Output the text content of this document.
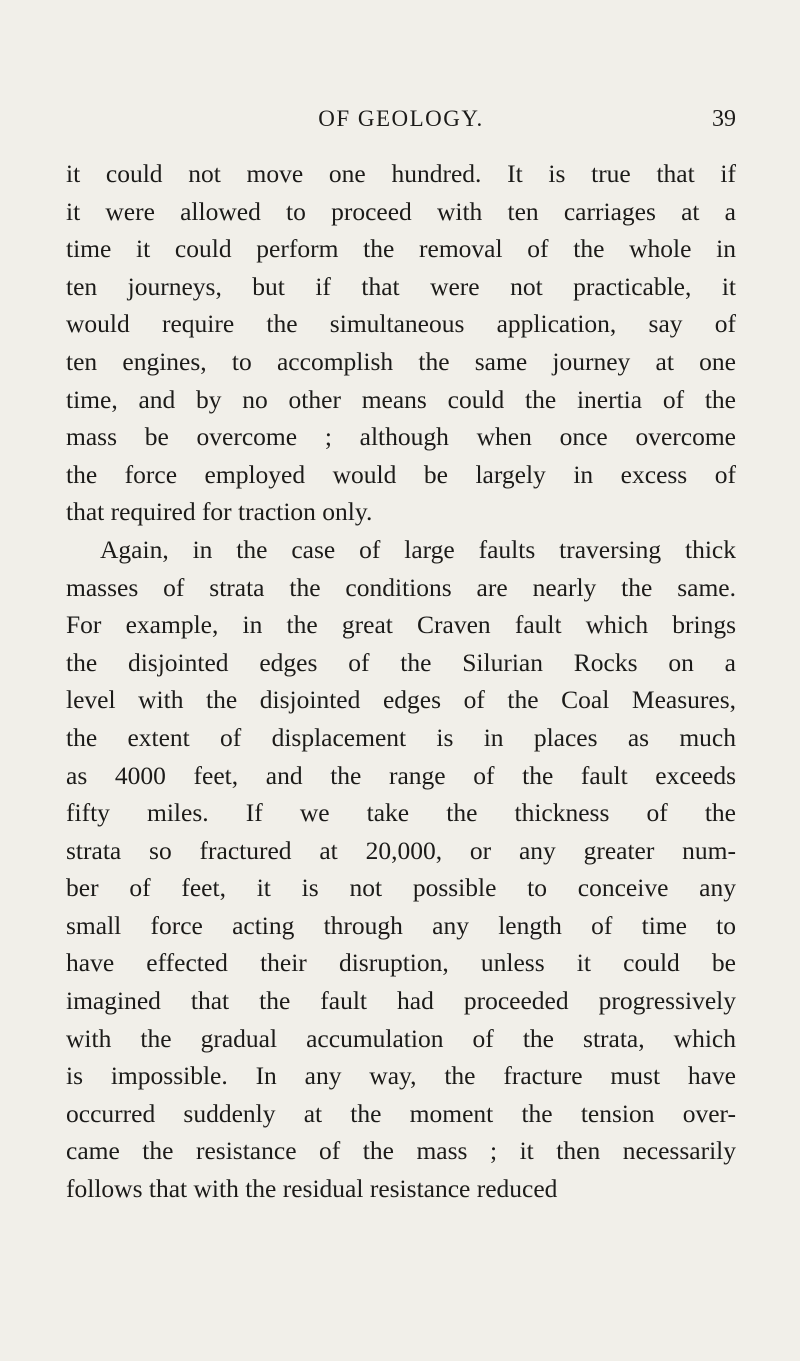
OF GEOLOGY.	39
it could not move one hundred. It is true that if
it were allowed to proceed with ten carriages at a
time it could perform the removal of the whole in
ten journeys, but if that were not practicable, it
would require the simultaneous application, say of
ten engines, to accomplish the same journey at one
time, and by no other means could the inertia of the
mass be overcome ; although when once overcome
the force employed would be largely in excess of
that required for traction only.
Again, in the case of large faults traversing thick
masses of strata the conditions are nearly the same.
For example, in the great Craven fault which brings
the disjointed edges of the Silurian Rocks on a
level with the disjointed edges of the Coal Measures,
the extent of displacement is in places as much
as 4000 feet, and the range of the fault exceeds
fifty miles. If we take the thickness of the
strata so fractured at 20,000, or any greater num-
ber of feet, it is not possible to conceive any
small force acting through any length of time to
have effected their disruption, unless it could be
imagined that the fault had proceeded progressively
with the gradual accumulation of the strata, which
is impossible. In any way, the fracture must have
occurred suddenly at the moment the tension over-
came the resistance of the mass ; it then necessarily
follows that with the residual resistance reduced
